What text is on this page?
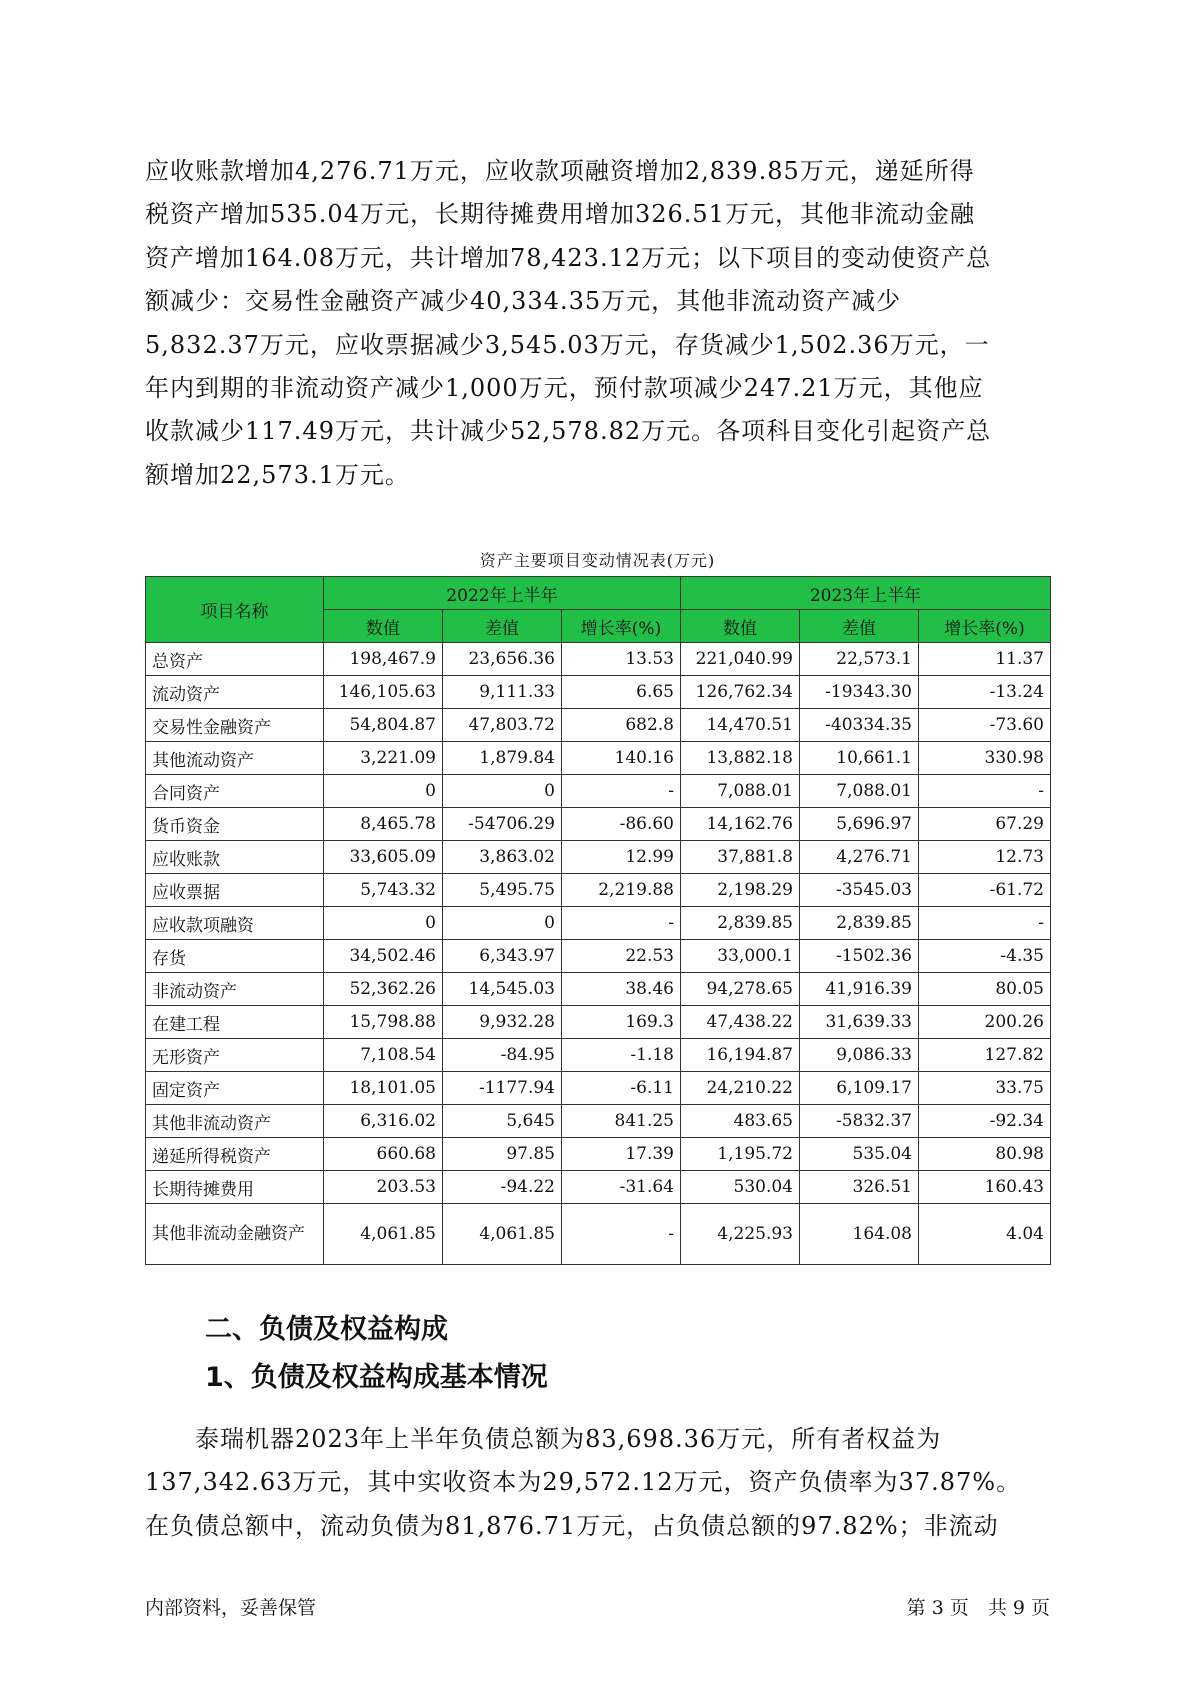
应收账款增加4,276.71万元，应收款项融资增加2,839.85万元，递延所得
税资产增加535.04万元，长期待摊费用增加326.51万元，其他非流动金融
资产增加164.08万元，共计增加78,423.12万元；以下项目的变动使资产总
额减少：交易性金融资产减少40,334.35万元，其他非流动资产减少
5,832.37万元，应收票据减少3,545.03万元，存货减少1,502.36万元，一
年内到期的非流动资产减少1,000万元，预付款项减少247.21万元，其他应
收款减少117.49万元，共计减少52,578.82万元。各项科目变化引起资产总
额增加22,573.1万元。
资产主要项目变动情况表(万元)
项目名称	2022年上半年			2023年上半年		
	数值	差值	增长率(%)	数值	差值	增长率(%)
总资产	198,467.9	23,656.36	13.53	221,040.99	22,573.1	11.37
流动资产	146,105.63	9,111.33	6.65	126,762.34	-19343.30	-13.24
交易性金融资产	54,804.87	47,803.72	682.8	14,470.51	-40334.35	-73.60
其他流动资产	3,221.09	1,879.84	140.16	13,882.18	10,661.1	330.98
合同资产	0	0	-	7,088.01	7,088.01	-
货币资金	8,465.78	-54706.29	-86.60	14,162.76	5,696.97	67.29
应收账款	33,605.09	3,863.02	12.99	37,881.8	4,276.71	12.73
应收票据	5,743.32	5,495.75	2,219.88	2,198.29	-3545.03	-61.72
应收款项融资	0	0	-	2,839.85	2,839.85	-
存货	34,502.46	6,343.97	22.53	33,000.1	-1502.36	-4.35
非流动资产	52,362.26	14,545.03	38.46	94,278.65	41,916.39	80.05
在建工程	15,798.88	9,932.28	169.3	47,438.22	31,639.33	200.26
无形资产	7,108.54	-84.95	-1.18	16,194.87	9,086.33	127.82
固定资产	18,101.05	-1177.94	-6.11	24,210.22	6,109.17	33.75
其他非流动资产	6,316.02	5,645	841.25	483.65	-5832.37	-92.34
递延所得税资产	660.68	97.85	17.39	1,195.72	535.04	80.98
长期待摊费用	203.53	-94.22	-31.64	530.04	326.51	160.43
其他非流动金融资产	4,061.85	4,061.85	-	4,225.93	164.08	4.04
二、负债及权益构成
1、负债及权益构成基本情况
　　泰瑞机器2023年上半年负债总额为83,698.36万元，所有者权益为
137,342.63万元，其中实收资本为29,572.12万元，资产负债率为37.87%。
在负债总额中，流动负债为81,876.71万元，占负债总额的97.82%；非流动
内部资料，妥善保管	第 3 页　共 9 页
